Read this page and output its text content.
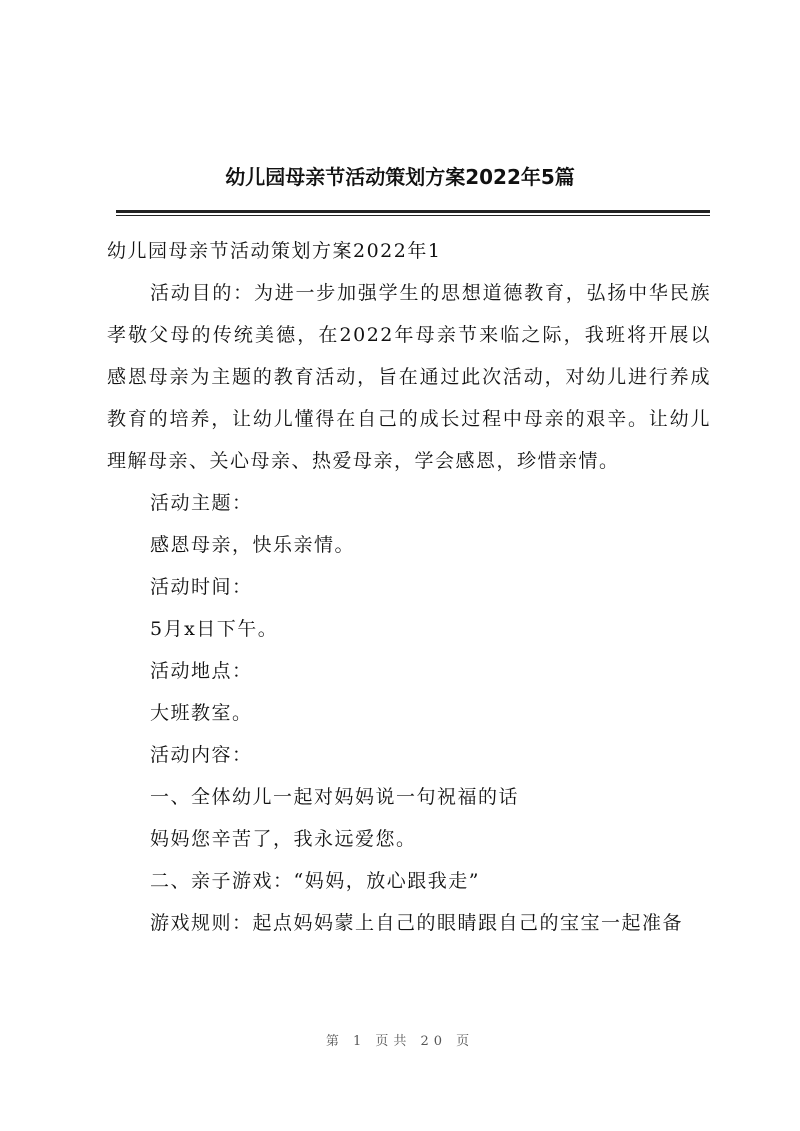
幼儿园母亲节活动策划方案2022年5篇

幼儿园母亲节活动策划方案2022年1

活动目的：为进一步加强学生的思想道德教育，弘扬中华民族孝敬父母的传统美德，在2022年母亲节来临之际，我班将开展以感恩母亲为主题的教育活动，旨在通过此次活动，对幼儿进行养成教育的培养，让幼儿懂得在自己的成长过程中母亲的艰辛。让幼儿理解母亲、关心母亲、热爱母亲，学会感恩，珍惜亲情。

活动主题：

感恩母亲，快乐亲情。

活动时间：

5月x日下午。

活动地点：

大班教室。

活动内容：

一、全体幼儿一起对妈妈说一句祝福的话

妈妈您辛苦了，我永远爱您。

二、亲子游戏：“妈妈，放心跟我走”

游戏规则：起点妈妈蒙上自己的眼睛跟自己的宝宝一起准备

第 1 页共 20 页
